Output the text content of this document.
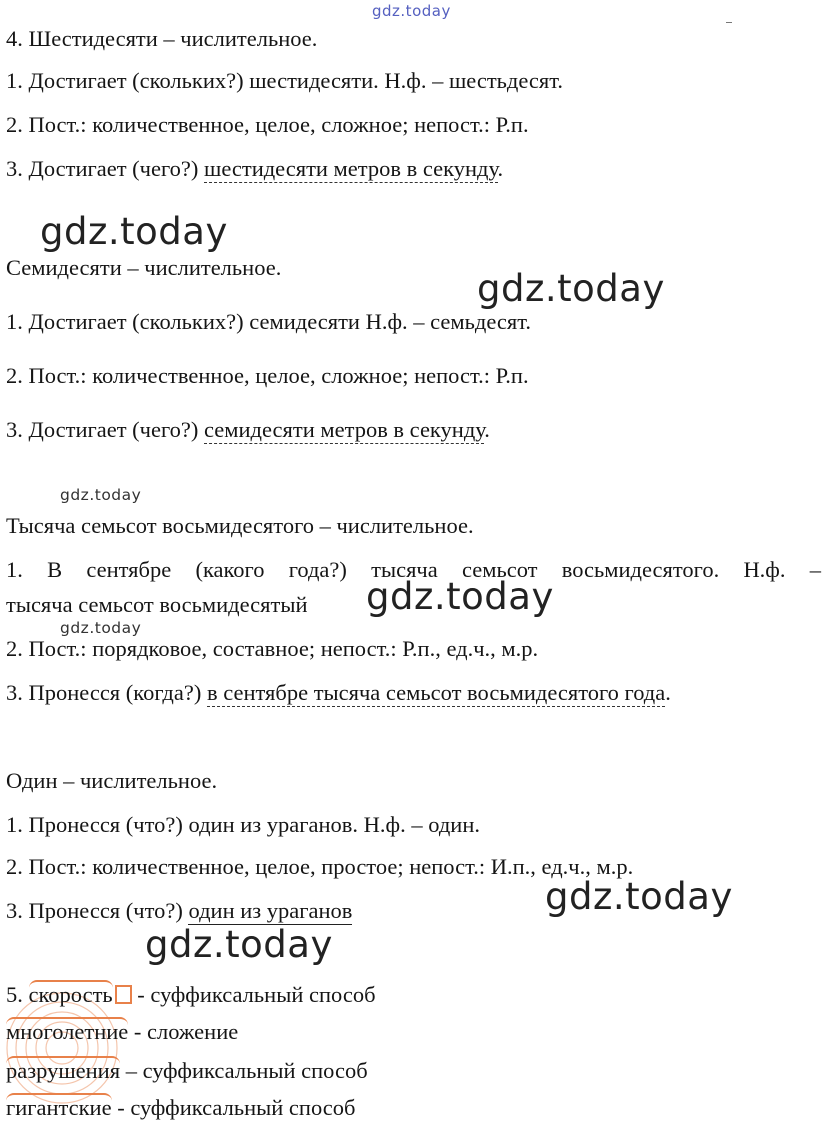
gdz.today
4. Шестидесяти – числительное.
1. Достигает (скольких?) шестидесяти. Н.ф. – шестьдесят.
2. Пост.: количественное, целое, сложное; непост.: Р.п.
3. Достигает (чего?) шестидесяти метров в секунду.
gdz.today
Семидесяти – числительное.	gdz.today
1. Достигает (скольких?) семидесяти Н.ф. – семьдесят.
2. Пост.: количественное, целое, сложное; непост.: Р.п.
3. Достигает (чего?) семидесяти метров в секунду.
gdz.today
Тысяча семьсот восьмидесятого – числительное.
1. В сентябре (какого года?) тысяча семьсот восьмидесятого. Н.ф. –
тысяча семьсот восьмидесятый gdz.today
gdz.today
2. Пост.: порядковое, составное; непост.: Р.п., ед.ч., м.р.
3. Пронесся (когда?) в сентябре тысяча семьсот восьмидесятого года.
Один – числительное.
1. Пронесся (что?) один из ураганов. Н.ф. – один.
2. Пост.: количественное, целое, простое; непост.: И.п., ед.ч., м.р.
gdz.today
3. Пронесся (что?) один из ураганов
gdz.today
5. скорость - суффиксальный способ
многолетние - сложение
разрушения – суффиксальный способ
гигантские - суффиксальный способ
